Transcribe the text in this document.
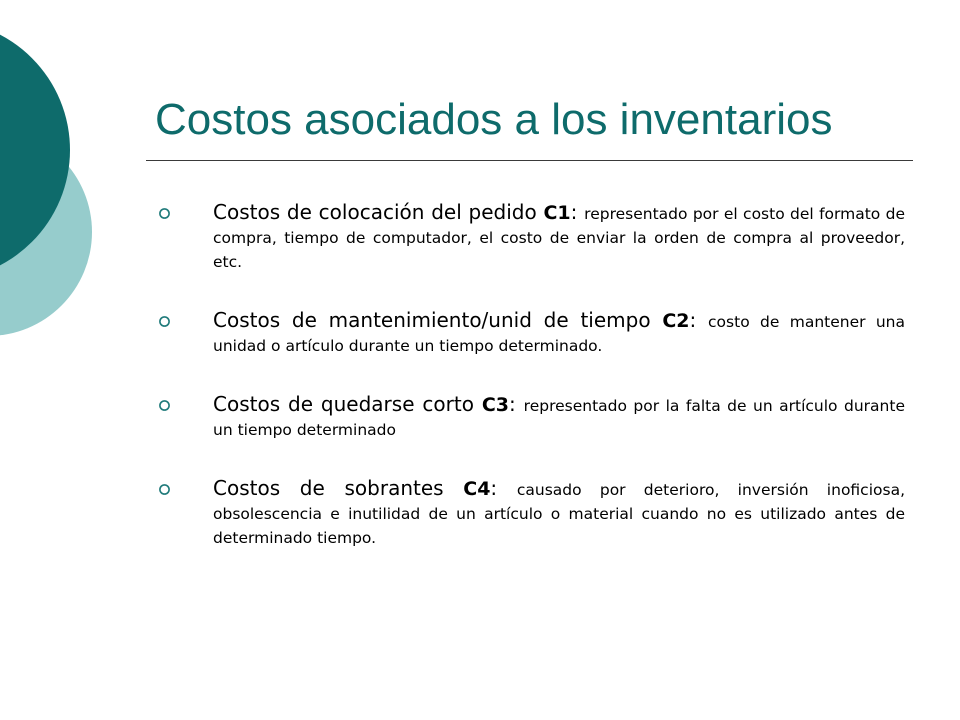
Costos asociados a los inventarios
Costos de colocación del pedido C1: representado por el costo del formato de compra, tiempo de computador, el costo de enviar la orden de compra al proveedor, etc.
Costos de mantenimiento/unid de tiempo C2: costo de mantener una unidad o artículo durante un tiempo determinado.
Costos de quedarse corto C3: representado por la falta de un artículo durante un tiempo determinado
Costos de sobrantes C4: causado por deterioro, inversión inoficiosa, obsolescencia e inutilidad de un artículo o material cuando no es utilizado antes de determinado tiempo.
